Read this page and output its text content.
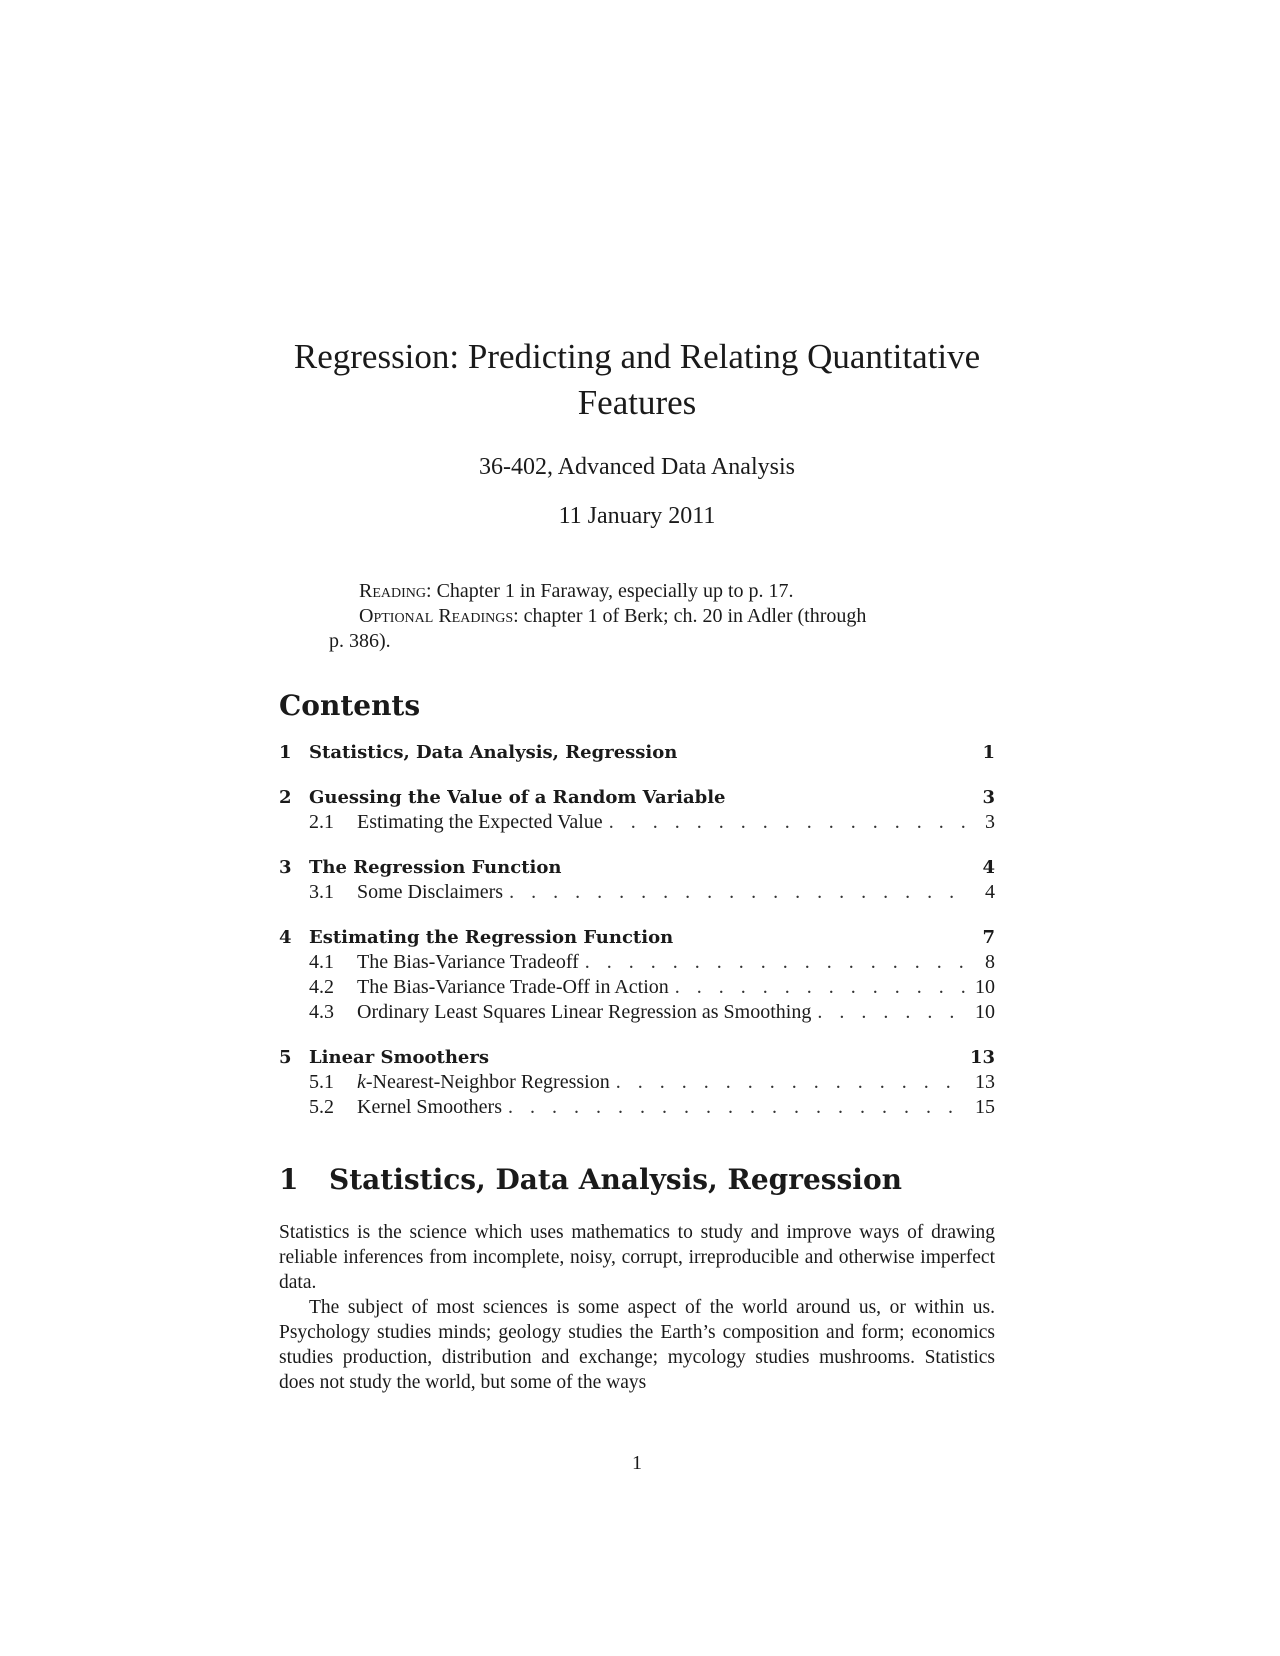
Regression: Predicting and Relating Quantitative
Features
36-402, Advanced Data Analysis
11 January 2011
Reading: Chapter 1 in Faraway, especially up to p. 17.
Optional Readings: chapter 1 of Berk; ch. 20 in Adler (through
p. 386).
Contents
1 Statistics, Data Analysis, Regression	1
2 Guessing the Value of a Random Variable	3
2.1	Estimating the Expected Value . . .	3
3 The Regression Function	4
3.1	Some Disclaimers . . .	4
4 Estimating the Regression Function	7
4.1	The Bias-Variance Tradeoff . . .	8
4.2	The Bias-Variance Trade-Off in Action . . .	10
4.3	Ordinary Least Squares Linear Regression as Smoothing . . .	10
5 Linear Smoothers	13
5.1	k-Nearest-Neighbor Regression . . .	13
5.2	Kernel Smoothers . . .	15
1 Statistics, Data Analysis, Regression

Statistics is the science which uses mathematics to study and improve ways of drawing reliable inferences from incomplete, noisy, corrupt, irreproducible and otherwise imperfect data.

The subject of most sciences is some aspect of the world around us, or within us. Psychology studies minds; geology studies the Earth’s composition and form; economics studies production, distribution and exchange; mycology studies mushrooms. Statistics does not study the world, but some of the ways

1
